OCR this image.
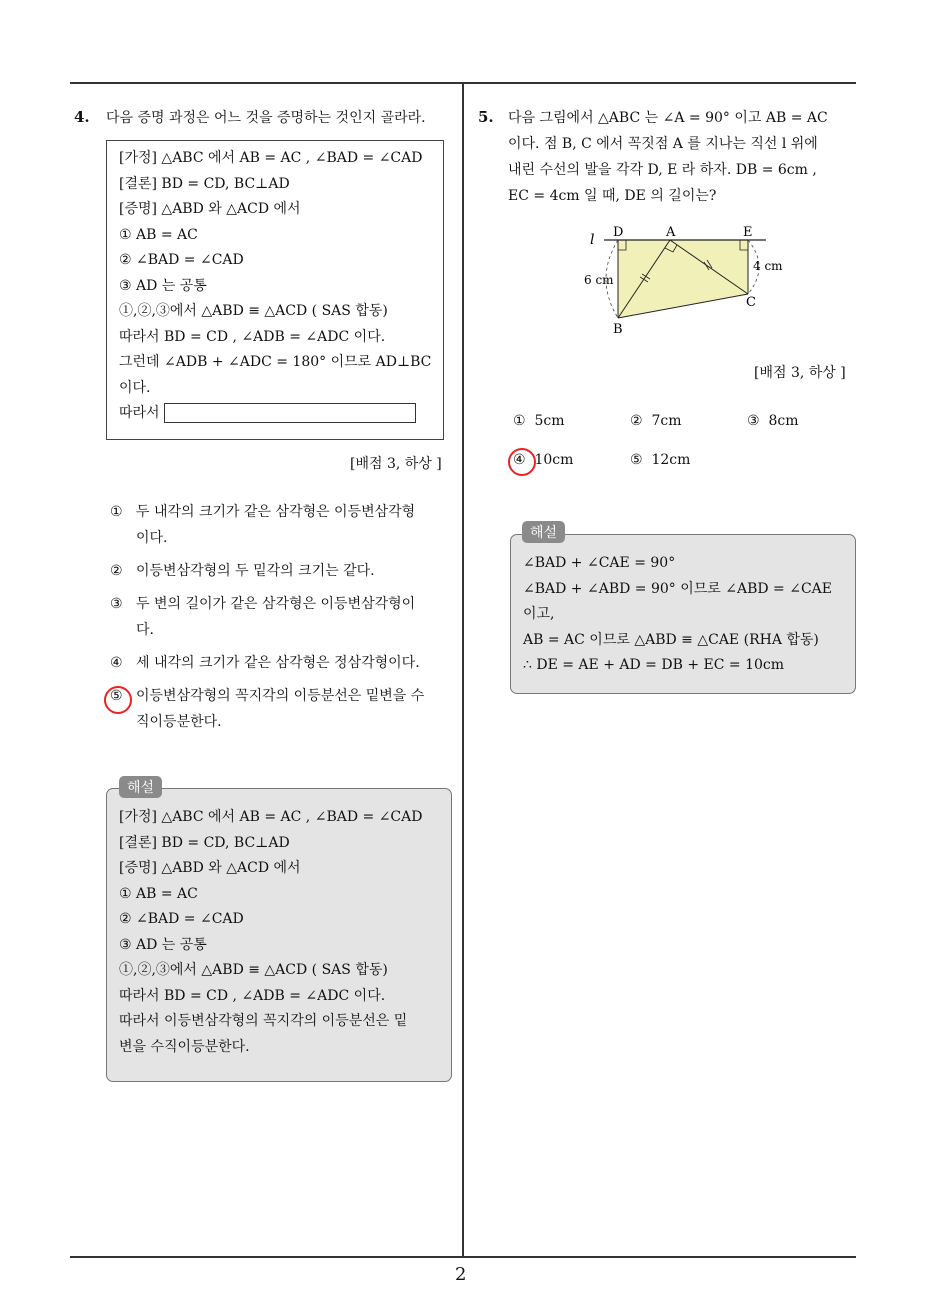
2
4. 다음 증명 과정은 어느 것을 증명하는 것인지 골라라.
[가정] △ABC 에서 AB = AC , ∠BAD = ∠CAD
[결론] BD = CD, BC⊥AD
[증명] △ABD 와 △ACD 에서
① AB = AC
② ∠BAD = ∠CAD
③ AD 는 공통
①,②,③에서 △ABD ≡ △ACD ( SAS 합동)
따라서 BD = CD , ∠ADB = ∠ADC 이다.
그런데 ∠ADB + ∠ADC = 180° 이므로 AD⊥BC
이다.
따라서
[배점 3, 하상 ]
① 두 내각의 크기가 같은 삼각형은 이등변삼각형
이다.
② 이등변삼각형의 두 밑각의 크기는 같다.
③ 두 변의 길이가 같은 삼각형은 이등변삼각형이
다.
④ 세 내각의 크기가 같은 삼각형은 정삼각형이다.
⑤ 이등변삼각형의 꼭지각의 이등분선은 밑변을 수
직이등분한다.
[가정] △ABC 에서 AB = AC , ∠BAD = ∠CAD
[결론] BD = CD, BC⊥AD
[증명] △ABD 와 △ACD 에서
① AB = AC
② ∠BAD = ∠CAD
③ AD 는 공통
①,②,③에서 △ABD ≡ △ACD ( SAS 합동)
따라서 BD = CD , ∠ADB = ∠ADC 이다.
따라서 이등변삼각형의 꼭지각의 이등분선은 밑
변을 수직이등분한다.
해설
5. 다음 그림에서 △ABC 는 ∠A = 90° 이고 AB = AC
이다. 점 B, C 에서 꼭짓점 A 를 지나는 직선 l 위에
내린 수선의 발을 각각 D, E 라 하자. DB = 6cm ,
EC = 4cm 일 때, DE 의 길이는?
l D	A	E
B
C
6 cm
4 cm
[배점 3, 하상 ]
① 5cm	② 7cm	③ 8cm
④ 10cm	⑤ 12cm
∠BAD + ∠CAE = 90°
∠BAD + ∠ABD = 90° 이므로 ∠ABD = ∠CAE
이고,
AB = AC 이므로 △ABD ≡ △CAE (RHA 합동)
∴ DE = AE + AD = DB + EC = 10cm
해설
